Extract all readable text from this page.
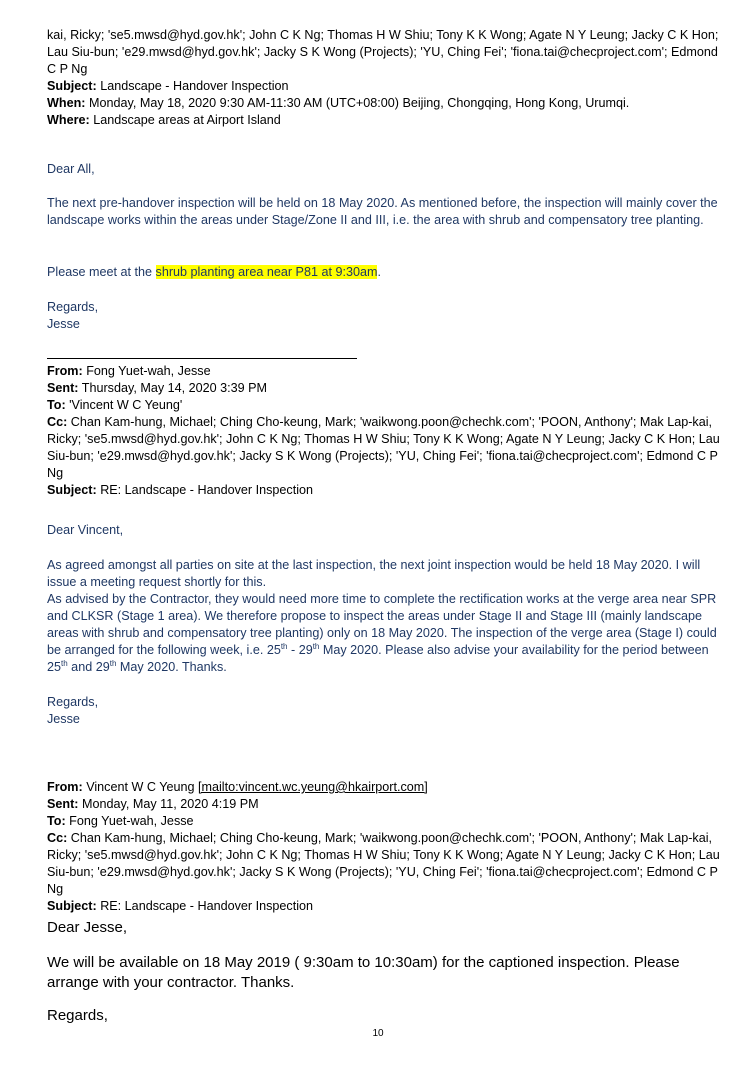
kai, Ricky; 'se5.mwsd@hyd.gov.hk'; John C K Ng; Thomas H W Shiu; Tony K K Wong; Agate N Y Leung; Jacky C K Hon; Lau Siu-bun; 'e29.mwsd@hyd.gov.hk'; Jacky S K Wong (Projects); 'YU, Ching Fei'; 'fiona.tai@checproject.com'; Edmond C P Ng

Subject: Landscape - Handover Inspection

When: Monday, May 18, 2020 9:30 AM-11:30 AM (UTC+08:00) Beijing, Chongqing, Hong Kong, Urumqi.

Where: Landscape areas at Airport Island

Dear All,

The next pre-handover inspection will be held on 18 May 2020. As mentioned before, the inspection will mainly cover the landscape works within the areas under Stage/Zone II and III, i.e. the area with shrub and compensatory tree planting.

Please meet at the shrub planting area near P81 at 9:30am.

Regards,

Jesse

From: Fong Yuet-wah, Jesse

Sent: Thursday, May 14, 2020 3:39 PM

To: 'Vincent W C Yeung'

Cc: Chan Kam-hung, Michael; Ching Cho-keung, Mark; 'waikwong.poon@chechk.com'; 'POON, Anthony'; Mak Lap-kai, Ricky; 'se5.mwsd@hyd.gov.hk'; John C K Ng; Thomas H W Shiu; Tony K K Wong; Agate N Y Leung; Jacky C K Hon; Lau Siu-bun; 'e29.mwsd@hyd.gov.hk'; Jacky S K Wong (Projects); 'YU, Ching Fei'; 'fiona.tai@checproject.com'; Edmond C P Ng

Subject: RE: Landscape - Handover Inspection

Dear Vincent,

As agreed amongst all parties on site at the last inspection, the next joint inspection would be held 18 May 2020. I will issue a meeting request shortly for this.

As advised by the Contractor, they would need more time to complete the rectification works at the verge area near SPR and CLKSR (Stage 1 area). We therefore propose to inspect the areas under Stage II and Stage III (mainly landscape areas with shrub and compensatory tree planting) only on 18 May 2020. The inspection of the verge area (Stage I) could be arranged for the following week, i.e. 25th - 29th May 2020. Please also advise your availability for the period between 25th and 29th May 2020. Thanks.

Regards,

Jesse

From: Vincent W C Yeung [mailto:vincent.wc.yeung@hkairport.com]

Sent: Monday, May 11, 2020 4:19 PM

To: Fong Yuet-wah, Jesse

Cc: Chan Kam-hung, Michael; Ching Cho-keung, Mark; 'waikwong.poon@chechk.com'; 'POON, Anthony'; Mak Lap-kai, Ricky; 'se5.mwsd@hyd.gov.hk'; John C K Ng; Thomas H W Shiu; Tony K K Wong; Agate N Y Leung; Jacky C K Hon; Lau Siu-bun; 'e29.mwsd@hyd.gov.hk'; Jacky S K Wong (Projects); 'YU, Ching Fei'; 'fiona.tai@checproject.com'; Edmond C P Ng

Subject: RE: Landscape - Handover Inspection

Dear Jesse,

We will be available on 18 May 2019 ( 9:30am to 10:30am) for the captioned inspection. Please arrange with your contractor. Thanks.

Regards,

10
